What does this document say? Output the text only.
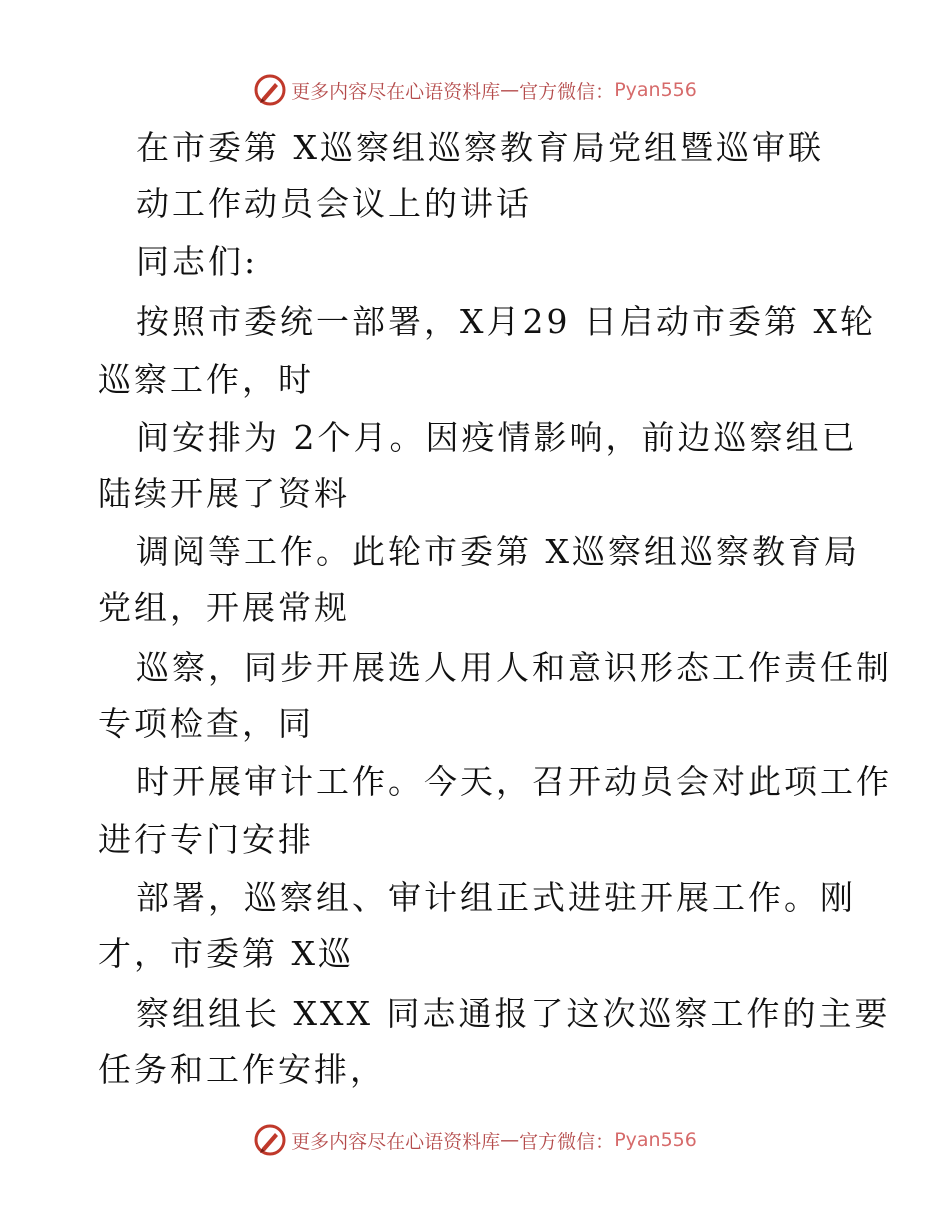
更多内容尽在心语资料库 — 官方微信： Pyan556
在市委第 X巡察组巡察教育局党组暨巡审联
动工作动员会议上的讲话
同志们:
按照市委统一部署，X月29 日启动市委第 X轮
巡察工作，时
间安排为 2个月。因疫情影响，前边巡察组已
陆续开展了资料
调阅等工作。此轮市委第 X巡察组巡察教育局
党组，开展常规
巡察，同步开展选人用人和意识形态工作责任制
专项检查，同
时开展审计工作。今天，召开动员会对此项工作
进行专门安排
部署，巡察组、审计组正式进驻开展工作。刚
才，市委第 X巡
察组组长 XXX 同志通报了这次巡察工作的主要
任务和工作安排，
更多内容尽在心语资料库 — 官方微信： Pyan556
